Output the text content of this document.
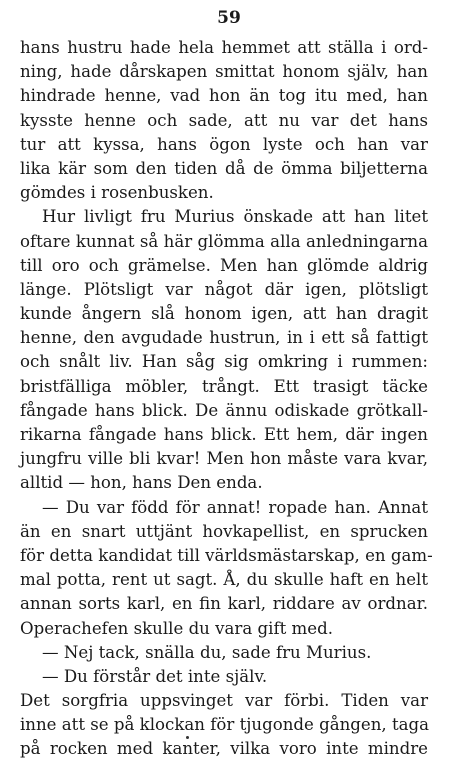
59
hans hustru hade hela hemmet att ställa i ord-
ning, hade dårskapen smittat honom själv, han
hindrade henne, vad hon än tog itu med, han
kysste henne och sade, att nu var det hans
tur att kyssa, hans ögon lyste och han var
lika kär som den tiden då de ömma biljetterna
gömdes i rosenbusken.
Hur livligt fru Murius önskade att han litet
oftare kunnat så här glömma alla anledningarna
till oro och grämelse. Men han glömde aldrig
länge. Plötsligt var något där igen, plötsligt
kunde ångern slå honom igen, att han dragit
henne, den avgudade hustrun, in i ett så fattigt
och snålt liv. Han såg sig omkring i rummen:
bristfälliga möbler, trångt. Ett trasigt täcke
fångade hans blick. De ännu odiskade grötkall-
rikarna fångade hans blick. Ett hem, där ingen
jungfru ville bli kvar! Men hon måste vara kvar,
alltid — hon, hans Den enda.
— Du var född för annat! ropade han. Annat
än en snart uttjänt hovkapellist, en sprucken
för detta kandidat till världsmästarskap, en gam-
mal potta, rent ut sagt. Å, du skulle haft en helt
annan sorts karl, en fin karl, riddare av ordnar.
Operachefen skulle du vara gift med.
— Nej tack, snälla du, sade fru Murius.
— Du förstår det inte själv.
Det sorgfria uppsvinget var förbi. Tiden var
inne att se på klockan för tjugonde gången, taga
på rocken med kanter, vilka voro inte mindre
